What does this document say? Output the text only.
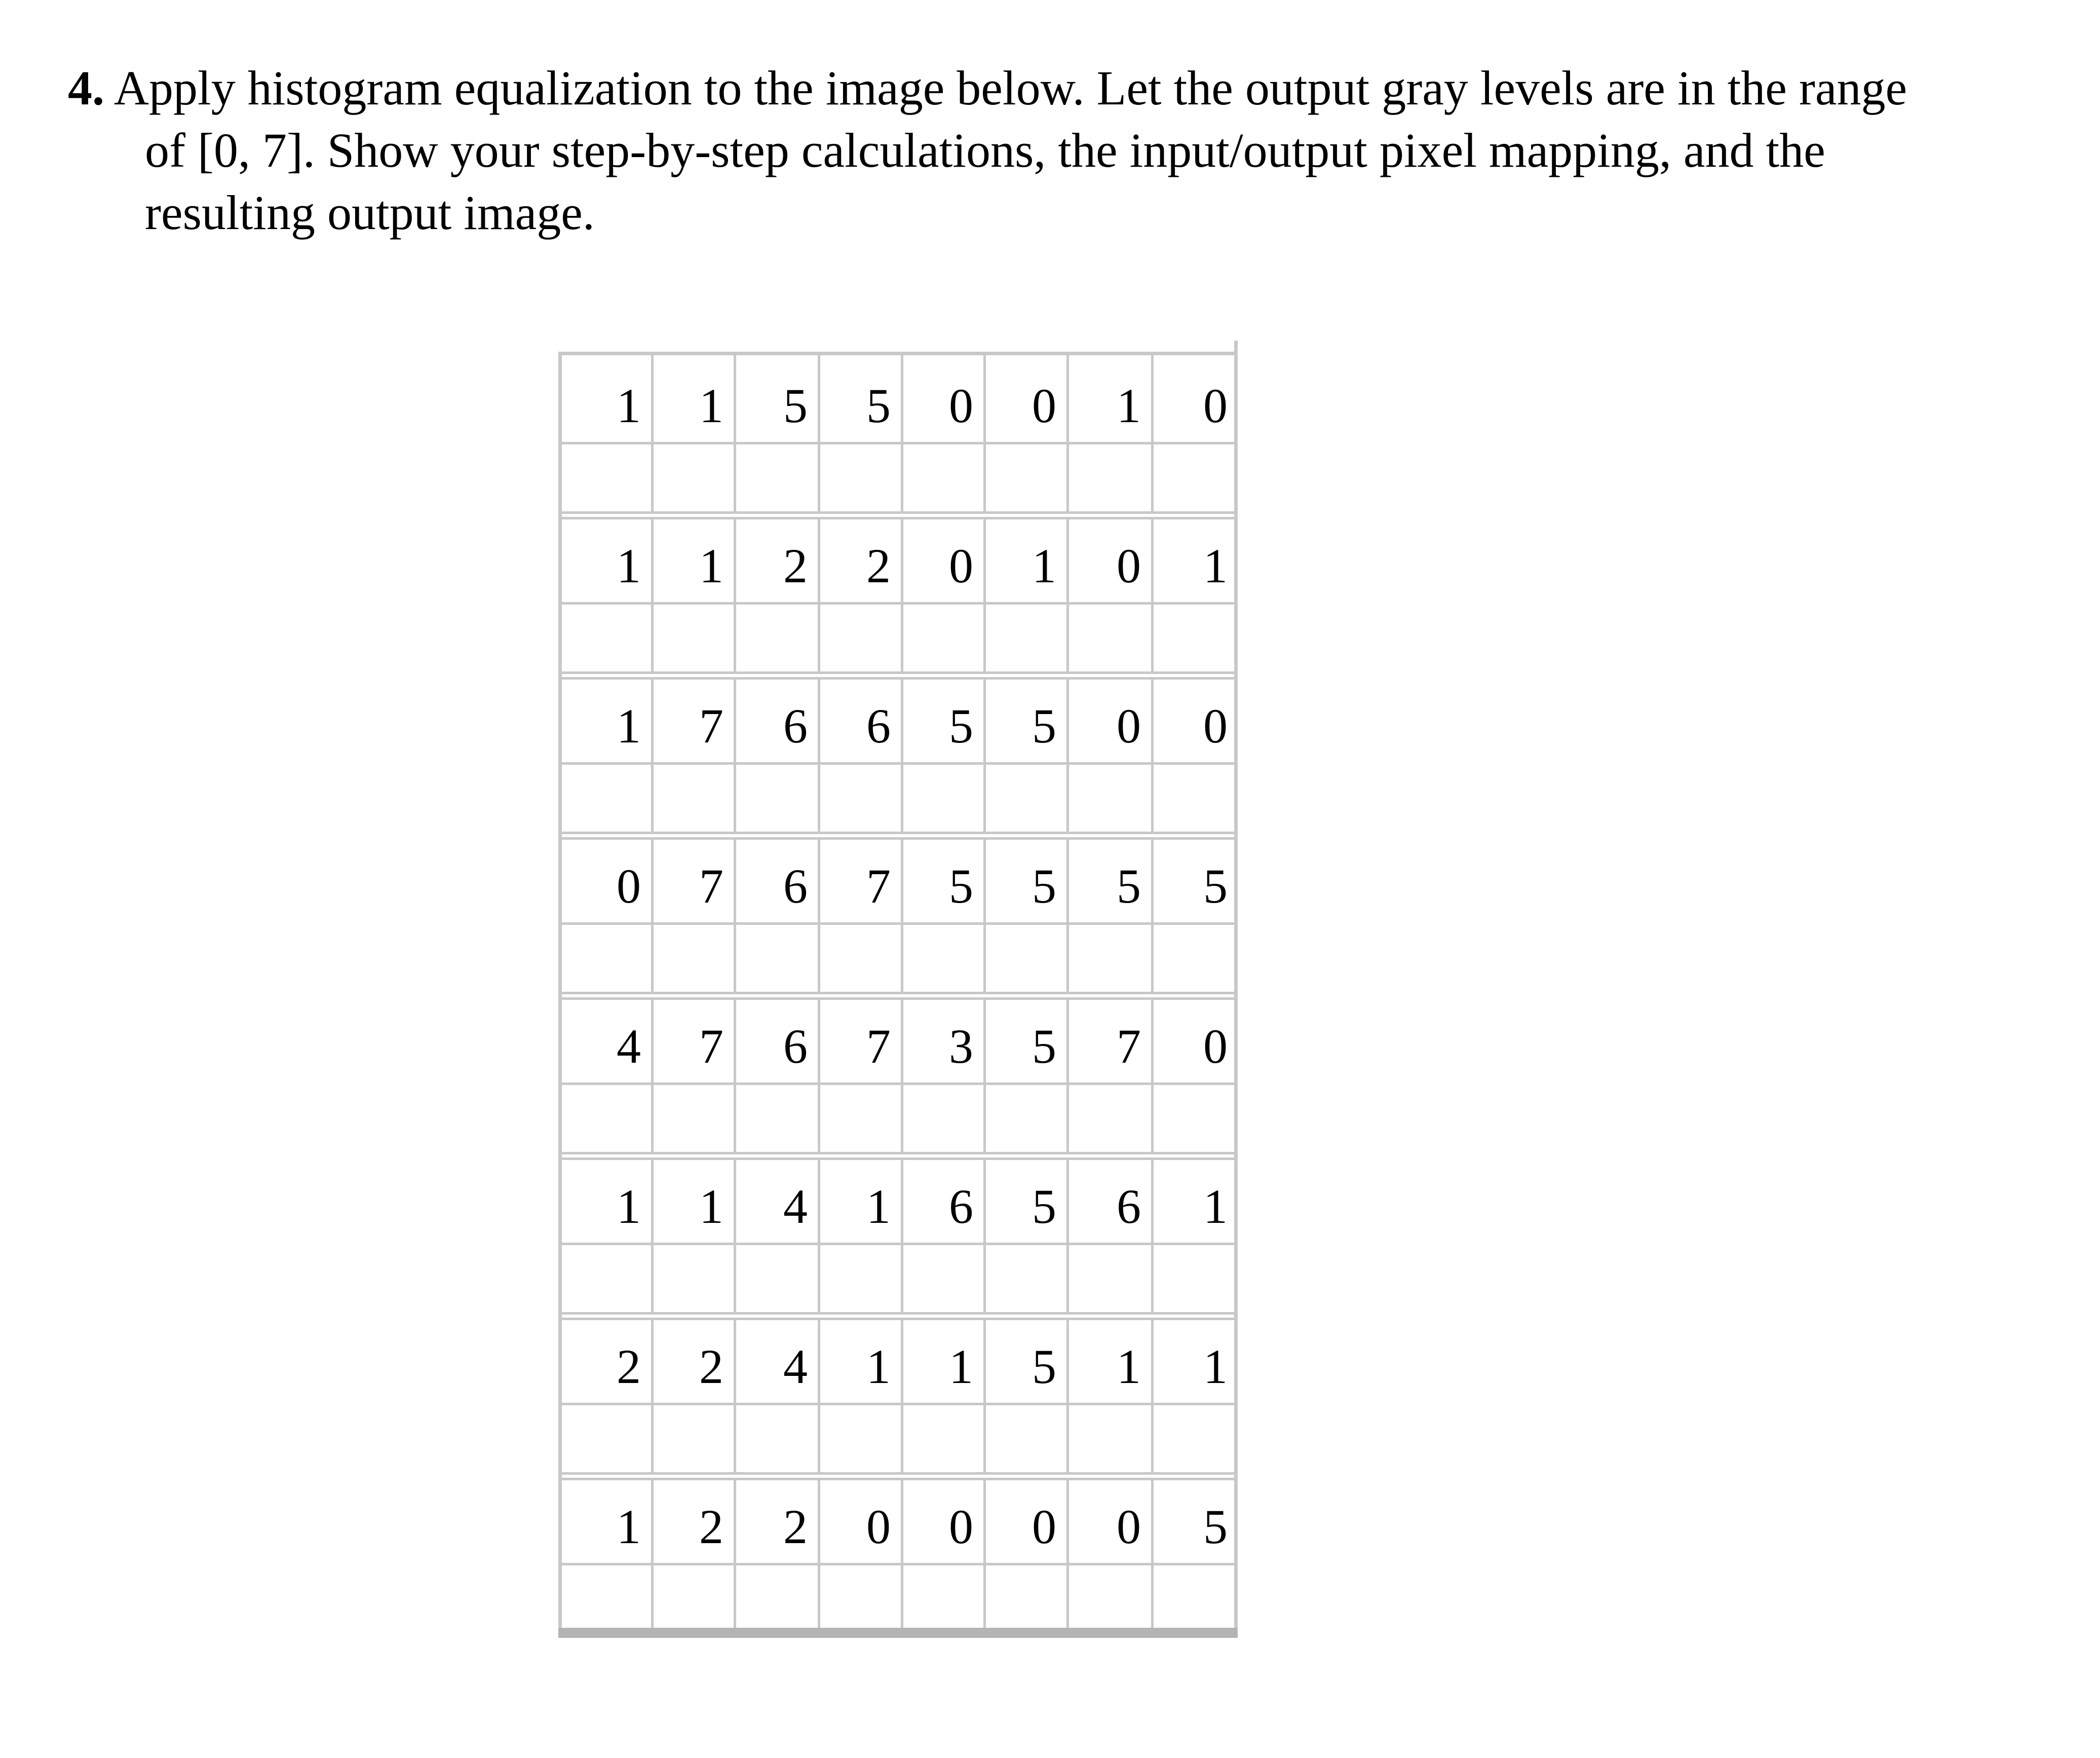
4. Apply histogram equalization to the image below. Let the output gray levels are in the range
of [0, 7]. Show your step-by-step calculations, the input/output pixel mapping, and the
resulting output image.
1 1 5 5 0 0 1 0
1 1 2 2 0 1 0 1
1 7 6 6 5 5 0 0
0 7 6 7 5 5 5 5
4 7 6 7 3 5 7 0
1 1 4 1 6 5 6 1
2 2 4 1 1 5 1 1
1 2 2 0 0 0 0 5
